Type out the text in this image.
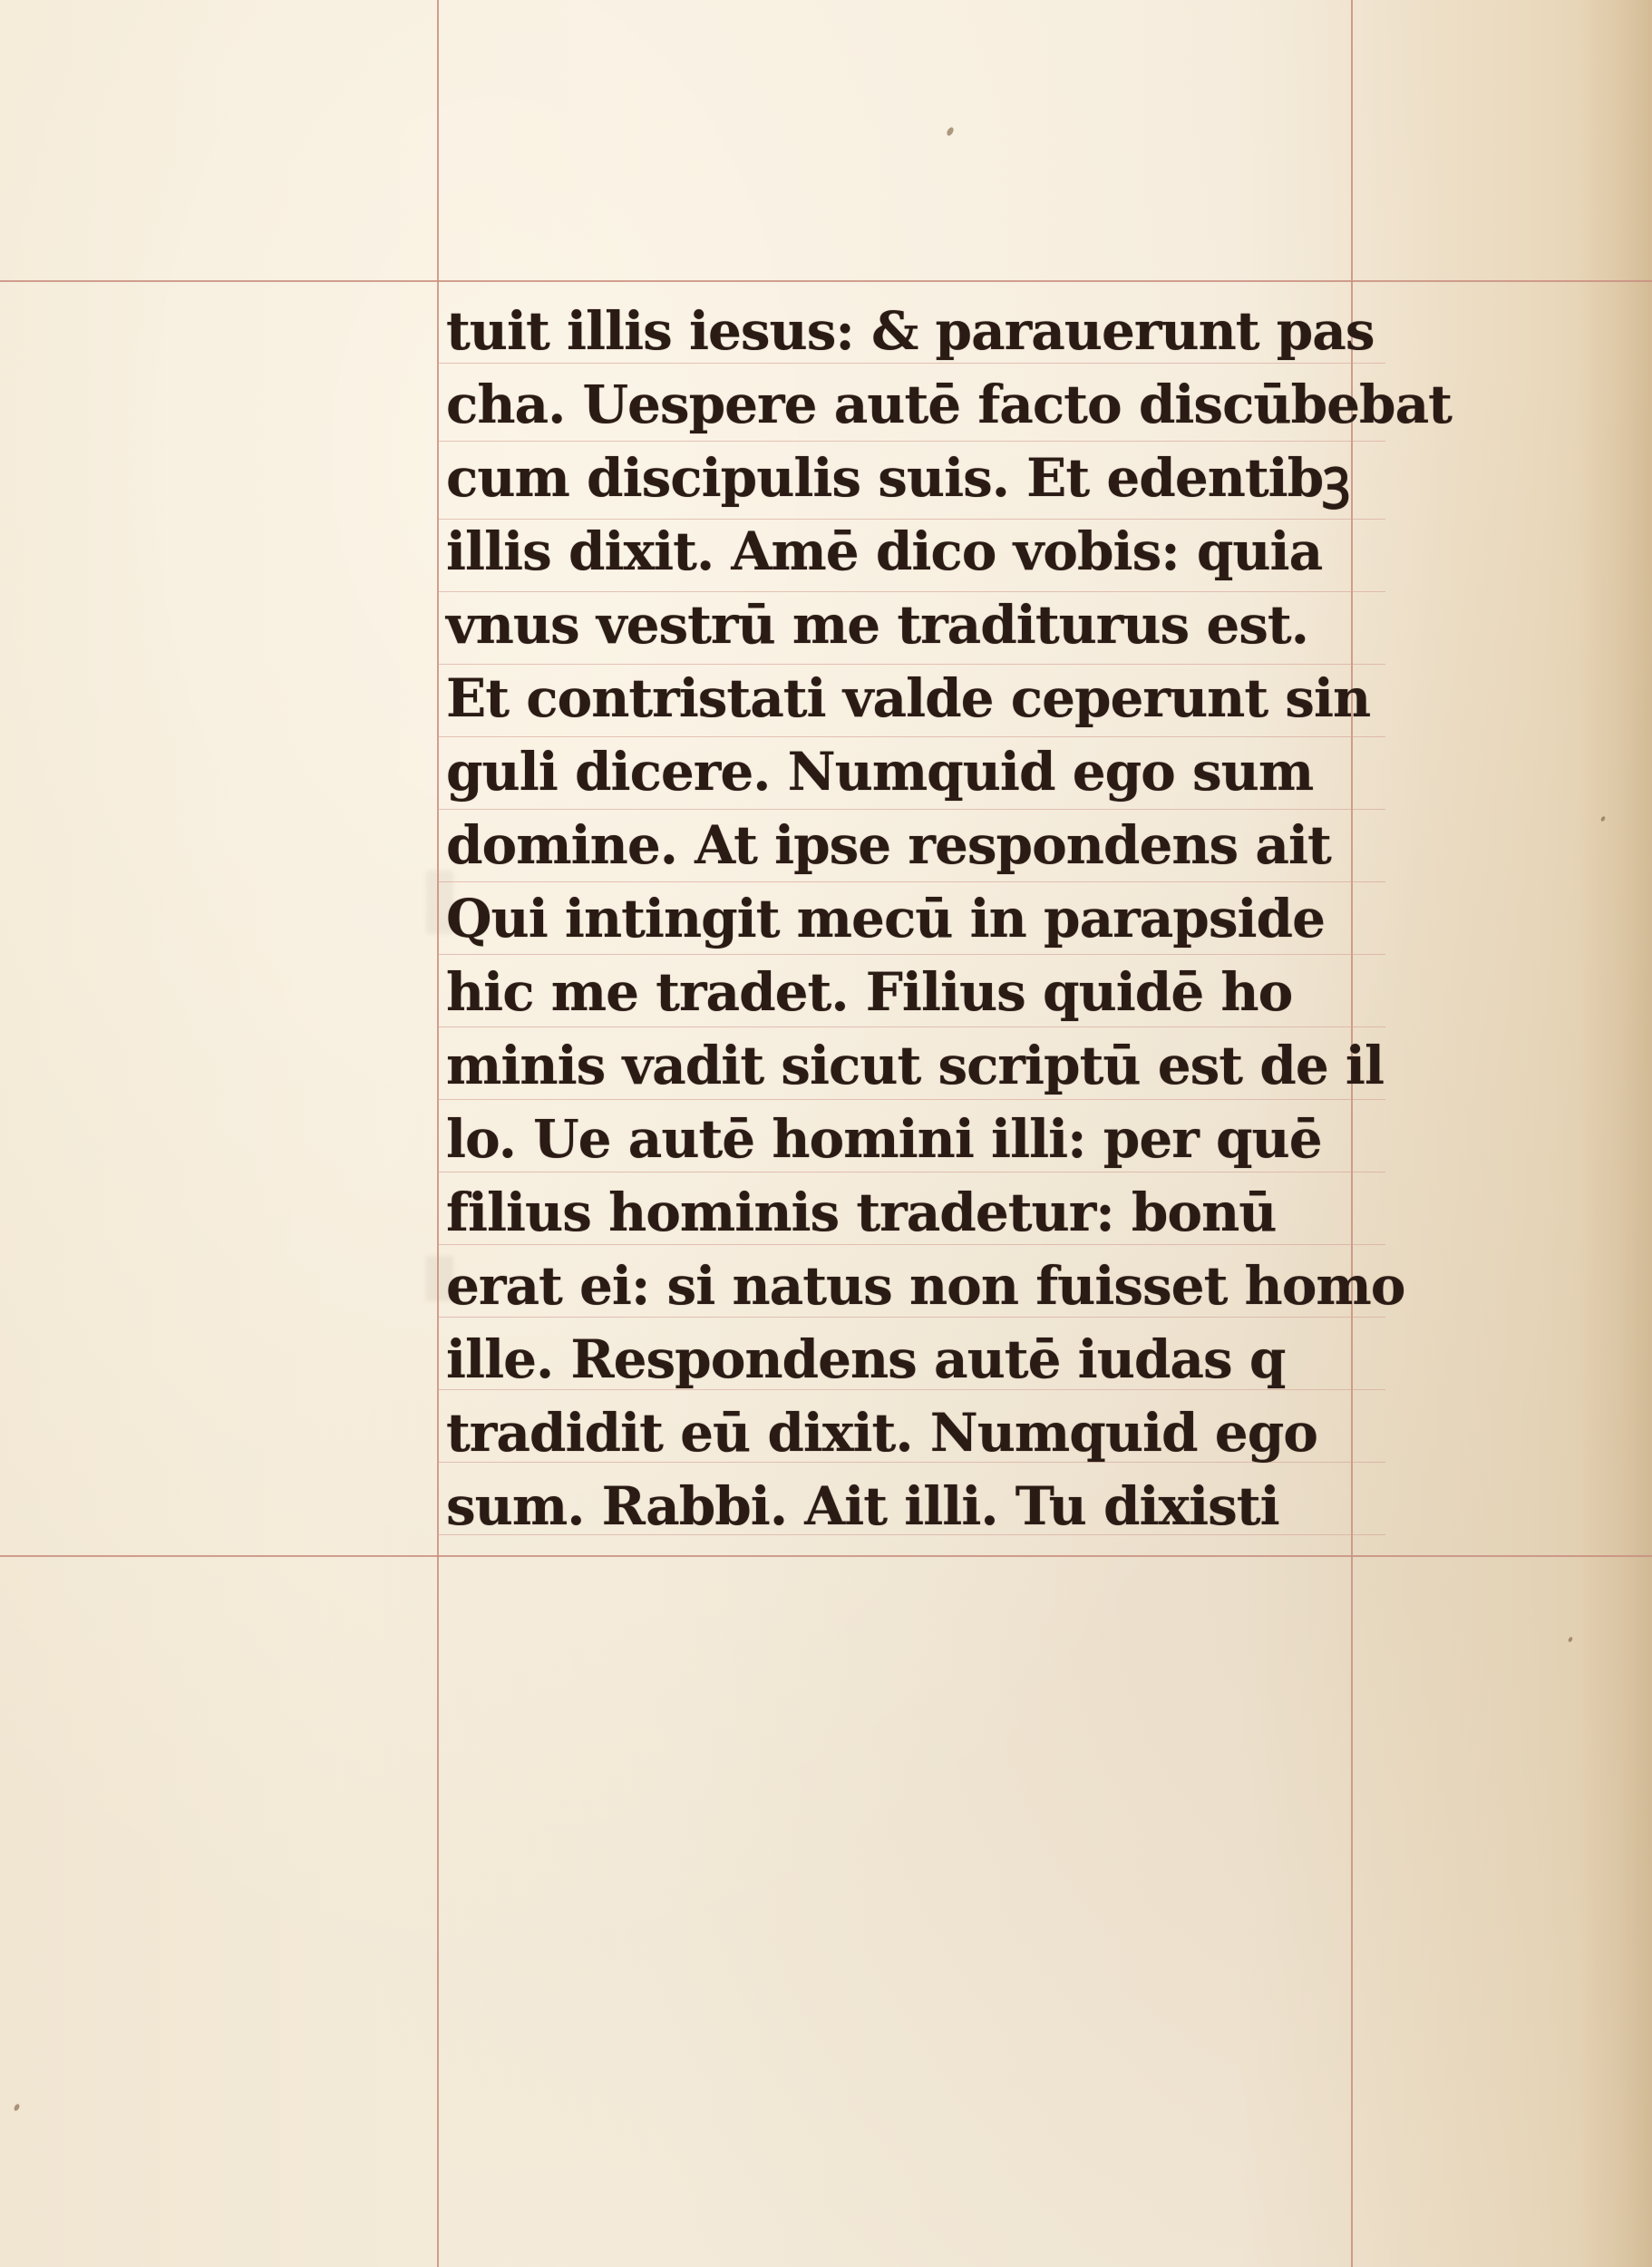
tuit illis iesus: & parauerunt pas
cha. Uespere autē facto discūbebat
cum discipulis suis. Et edentibꝫ
illis dixit. Amē dico vobis: quia
vnus vestrū me traditurus est.
Et contristati valde ceperunt sin
guli dicere. Numquid ego sum
domine. At ipse respondens ait
Qui intingit mecū in parapside
hic me tradet. Filius quidē ho
minis vadit sicut scriptū est de il
lo. Ue autē homini illi: per quē
filius hominis tradetur: bonū
erat ei: si natus non fuisset homo
ille. Respondens autē iudas q
tradidit eū dixit. Numquid ego
sum. Rabbi. Ait illi. Tu dixisti
